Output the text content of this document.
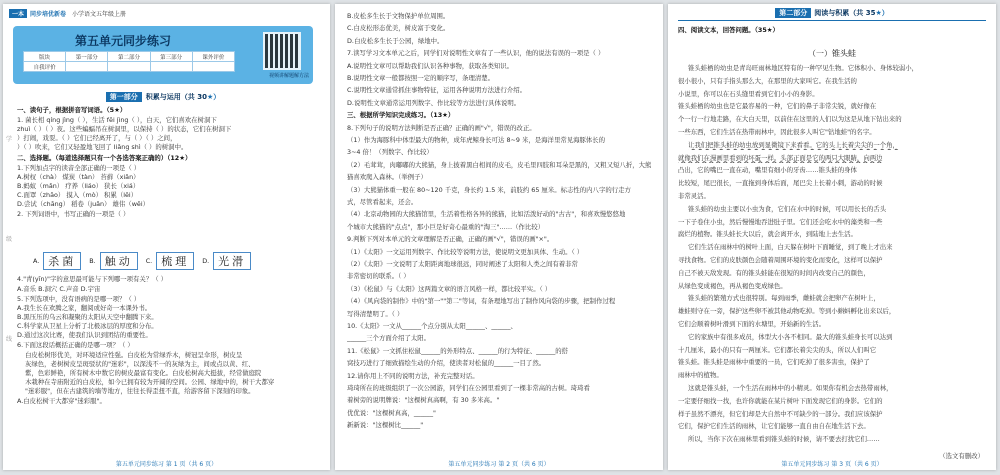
一本 同步培优新卷 小学语文五年级上册
第五单元同步练习
版块	第一部分	第二部分	第三部分	课外评价
自我评价				
视频讲解题解方法
第一部分 积累与运用（共 30★）
一、读句子，根据拼音写词语。（5★）
1. 菌长相 qíng jìng（ ），生活 fěi jìng（ ），白天，它们喜欢在树洞下
zhuì（ ）（ ）夜。这些蝙蝠吊在树洞里，以保持（ ）的状态，它们在树洞下
）打闹，戏耍。（ ）它们已经离开了，与（ ）（ ）之间，
）（ ）吹来，它们又轻盈地飞回了 Iiǎng shì（ ）的树洞中。
二、选择题。（每道选择题只有一个各选答案正确的）（12★）
1.下列加点字的读音全部正确的一项是（ ）
A.树杈（chà） 煤炭（tàn） 苔藓（xiǎn）
B.蚂蚁（mǎn） 疗养（liáo） 狭长（xiá）
C.面罩（zhāo） 摸入（mò） 积累（lěi）
D.尝试（chāng） 稻卷（juǎn） 雄伟（wěi）
2. 下列词语中，书写正确的一项是（ ）
4."青(yīn)"字的意思最可能与下列哪一项有关？（ ）
A.音乐 B.洞穴 C.声音 D.宇宙
5.下列选项中，没有语病的是哪一项？（ ）
A.我生长在欢腾之家，翻阅或好奇一本课外书。
B.黑压压的乌云和凝聚的太阳从天空中翻腾下来。
C.科学家从卫星上分析了北极冰层的厚度和分布。
D.通过这次比赛，使我们认识到团结的重要性。
6.下面这段话概括正确的是哪一项？（ ）
白皮松树形优美，对环境适应性强。白皮松为常绿乔木，树冠呈伞形，树皮呈
灰绿色，老树树皮呈斑驳状的"迷彩"，以深浅不一的灰绿为主，间或点以黄、红、
紫，色彩鲜艳，所有树木中数它的树皮最富有变化。白皮松树高大挺拔，经常做庭院
木栽种在寺庙附近的白皮松，如今已拥有较为开阔的空间。公园、绿地中的，树干大都穿
"迷彩服"，但在古建筑的墙等地方，往往长得歪扭不直，给游客留下深刻的印象。
A.白皮松树干大都穿"迷彩服"。
A. 杀菌	B. 触动	C. 梳理	D. 光滑
学
级
线
第五单元同步练习 第 1 页（共 6 页）
B.皮松多生长于文物保护单位周围。
C.白皮松形态优美，树皮富于变化。
D.白皮松多生长于公园，绿地中。
7.读写学习文本单元之后，同学们对说明性文章有了一些认识，他的说法有误的一项是（ ）
A.说明性文章可以帮助我们认识各种事物，获取各类知识。
B.说明性文章一般都按照一定的顺序写，条理清楚。
C.说明性文章通常抓住事物特征，运用各种说明方法进行介绍。
D.说明性文章通常运用列数字、作比较等方法进行具体说明。
三、根据所学知识完成练习。（13★）
8.下列句子的说明方法判断是否正确？正确的画"√"，错误的改正。
（1）作为海豚科中体型最大的物种，成年虎鲸身长可达 8~9 米，是海洋里常见海豚体长的
3~4 倍！（列数字、作比较）
（2）毛茸茸，肉嘟嘟的大熊猫，身上披着黑白相间的皮毛，皮毛里四肢和耳朵是黑的，又粗又短八折，大熊
猫喜欢爬入森林。（举例子）
（3）大熊猫体重一般在 80~120 千克，身长约 1.5 米，前肢约 65 厘米。标志性的内八字的行走方
式，尽管看起来，还会。
（4）北京动物园的大熊猫馆里，生活着性格各异的熊猫，比如活泼好动的"古古"，和喜欢慢悠悠地
个城市大熊猫的"点点"，那小巨是好奇心最重的"淘三"……（作比较）
9.判断下列对本单元的文章理解是否正确，正确的画"√"，错误的画"×"。
（1）《太阳》一文运用列数字、作比较等说明方法，使说明文更加具体、生动。（ ）
（2）《太阳》一文说明了太阳距离地球很远，同时阐述了太阳和人类之间有着非常
非常密切的联系。（ ）
（3）《松鼠》与《太阳》这两篇文章的语言风格一样，都比较平实。（ ）
（4）《风向袋的制作》中的"第一""第二"等词，有条理地写出了制作风向袋的步骤，把制作过程
写得清楚明了。（ ）
10.《太阳》一文从______个点分别从太阳______、______、
______三个方面介绍了太阳。
11.《松鼠》一文抓住松鼠______的外形特点、______的行为特征、______的搭
窝技巧进行了细致描绘生动的介绍，使读者对松鼠的______一目了然。
12.请你用上不同的说明方法，补充完整对话。
琦琦所在的班级组织了一次公园游，同学们在公园里看到了一棵非常高的古树。琦琦看
着树旁的说明牌说："这棵树真高啊，有 30 多米高。"
优优说："这棵树真高，______"
新新说："这棵树比______"
第五单元同步练习 第 2 页（共 6 页）
第二部分 阅读与积累（共 35★）
四、阅读文本，回答问题。（35★）
（一）锥头蛙
锥头蛙栖的幼虫是青岛旺雨林地区特有的一种罕见生物。它体积小、身体较弱小，
很小很小，只有手指头那么大，在那里的大家叫它。在我生活的
小说里，你可以在石头缝里看到它们小小的身影。
锥头蛙栖的幼虫也是它最容易的一种，它们的鼻子非常尖锐，就好像在
个一行一行地走路，在大白天里，以前住在这里的人们以为这是从地下钻出来的
一些东西，它们生活在热带雨林中，因此很多人叫它"钻地蛙"的名字。
让我们把锥头蛙的幼虫放到显微镜下来看看。它的头上长着尖尖的一个角，
就像我们在漫画里看到的坏蛋一样。头部正面是它的两只大眼睛，向两边
凸出，它的嘴巴一直在动，嘴里有细小的牙齿……锥头蛙的身体
比较短，尾巴很长，一直拖到身体后面，尾巴尖上长着小刺，游动的时候
非常灵活。
锥头蛙的幼虫主要以小虫为食，它们在水中的时候，可以用长长的舌头
一下子卷住小虫，然后慢慢地吞进肚子里。它们还会吃水中的藻类和一些
腐烂的植物。锥头蛙长大以后，就会离开水，到陆地上去生活。
它们生活在雨林中的树叶上面，白天躲在树叶下面睡觉，到了晚上才出来
寻找食物。它们的皮肤颜色会随着周围环境的变化而变化，这样可以保护
自己不被天敌发现。有的锥头蛙能在很短的时间内改变自己的颜色，
从绿色变成褐色，再从褐色变成绿色。
锥头蛙的繁殖方式也很特别。每到雨季，雌蛙就会把卵产在树叶上，
雄蛙则守在一旁，保护这些卵不被其他动物吃掉。等到小蝌蚪孵化出来以后，
它们会顺着树叶滑到下面的水塘里，开始新的生活。
它的家族中有很多成员，体型大小各不相同。最大的锥头蛙身长可以达到
十几厘米，最小的只有一两厘米。它们都长着尖尖的头，所以人们叫它
锥头蛙。锥头蛙是雨林中重要的一员，它们吃掉了很多害虫，保护了
雨林中的植物。
这就是锥头蛙，一个生活在雨林中的小精灵。如果你有机会去热带雨林，
一定要仔细找一找，也许你就能在某片树叶下面发现它们的身影。它们的
样子虽然不漂亮，但它们却是大自然中不可缺少的一部分。我们应该保护
它们，保护它们生活的雨林，让它们能够一直自由自在地生活下去。
所以，当你下次在雨林里看到锥头蛙的时候，请不要去打扰它们……
（选文有删改）
第五单元同步练习 第 3 页（共 6 页）
